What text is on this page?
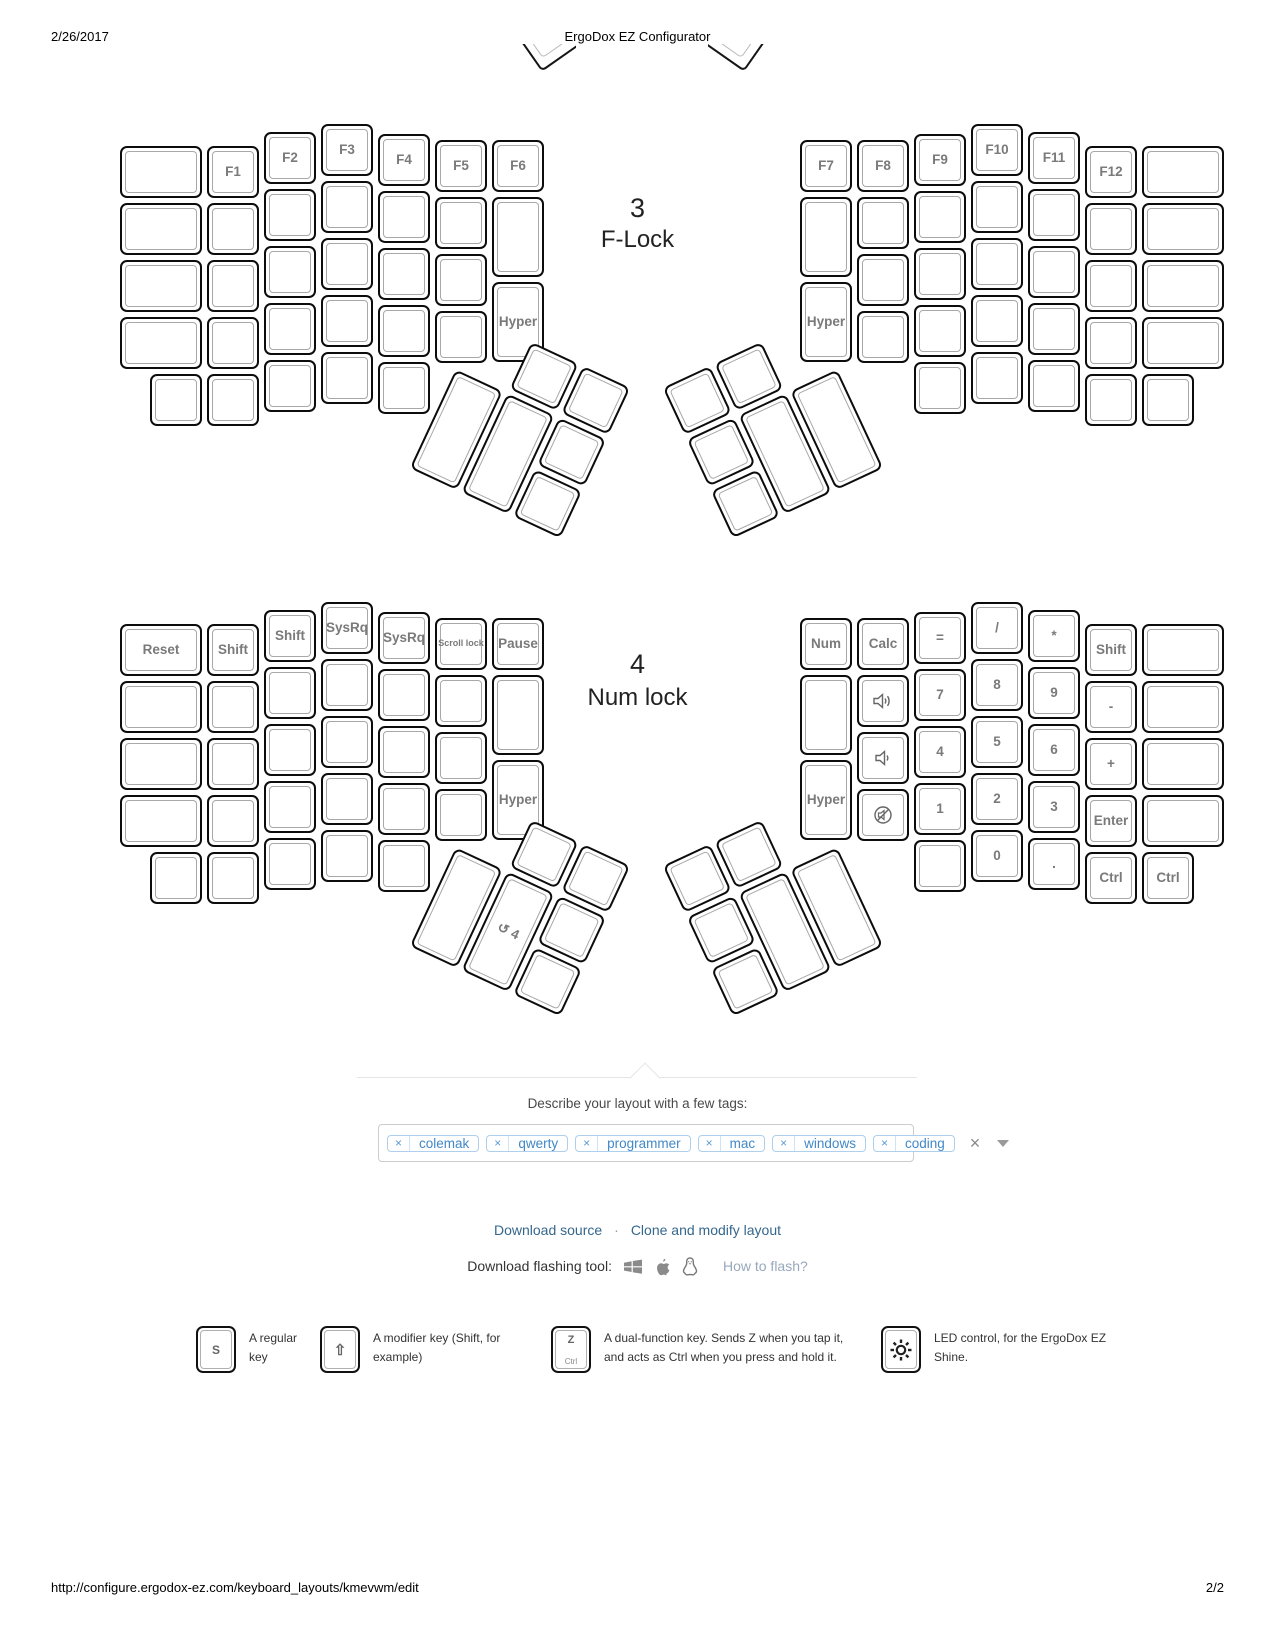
2/26/2017	ErgoDox EZ Configurator
3
F-Lock
F1
F2
F3
F4	F5	F6
Hyper
F7	F8	F9
F10
F11
F12
Hyper
4
Num lock
Reset	Shift
Shift
SysRq
SysRq	Scroll lock	Pause
Hyper
Num	Calc	=
/
*
Shift
7
8
9
-
4
5
6
+
Hyper
1
2
3
Enter
0
.
Ctrl	Ctrl
↺ 4
Describe your layout with a few tags:
×	colemak	×	qwerty	×	programmer	×	mac	×	windows	×	coding	×
Download source · Clone and modify layout
Download flashing tool:	How to flash?
S
A regular
key	⇧
A modifier key (Shift, for
example)
Z
Ctrl
A dual-function key. Sends Z when you tap it,
and acts as Ctrl when you press and hold it.
LED control, for the ErgoDox EZ
Shine.
http://configure.ergodox-ez.com/keyboard_layouts/kmevwm/edit	2/2
